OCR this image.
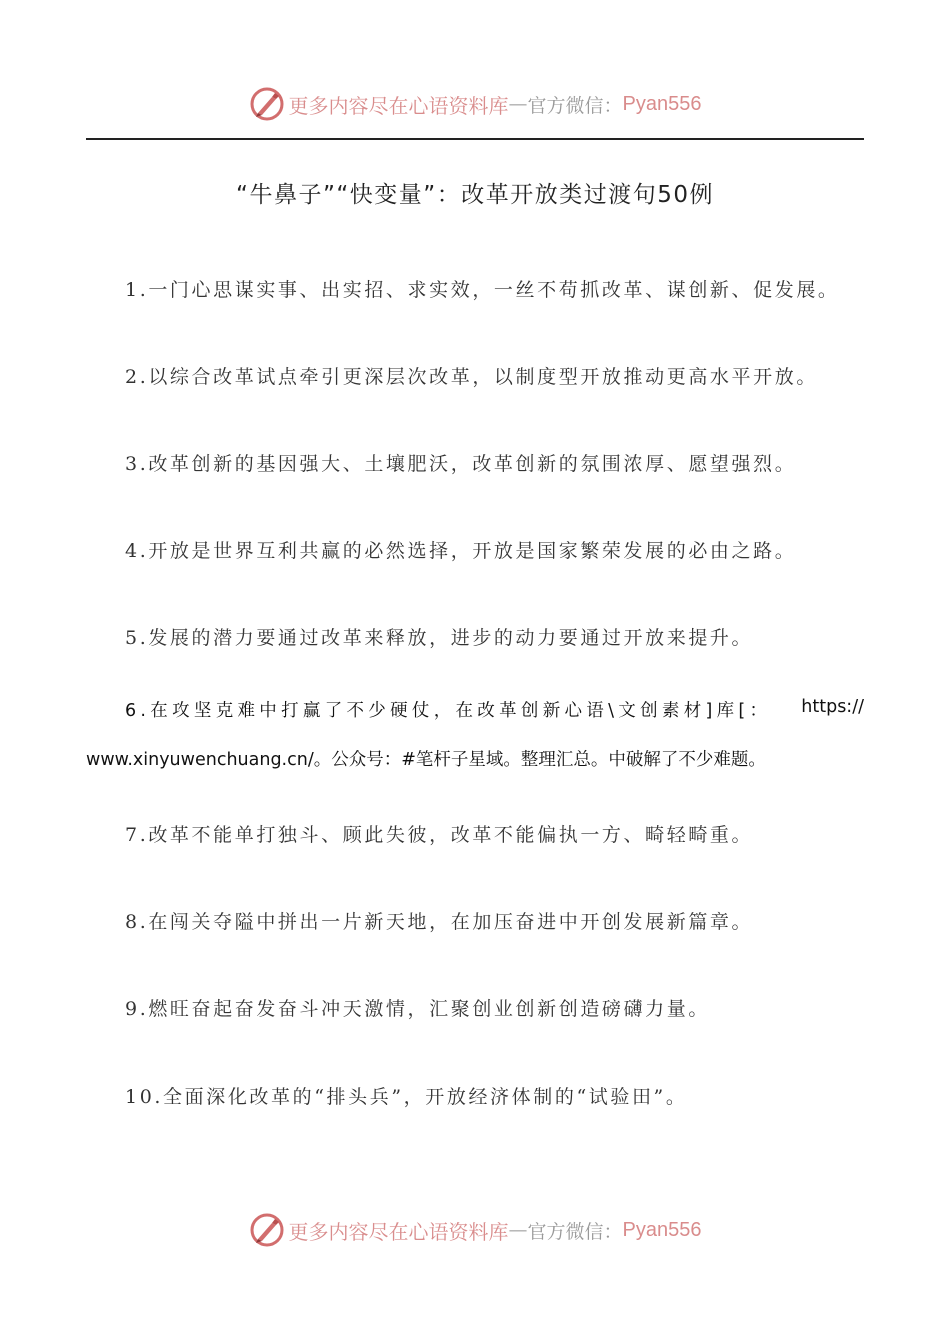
更多内容尽在心语资料库 — 官方微信： Pyan556
“牛鼻子”“快变量”：改革开放类过渡句50例
1.一门心思谋实事、出实招、求实效，一丝不苟抓改革、谋创新、促发展。
2.以综合改革试点牵引更深层次改革，以制度型开放推动更高水平开放。
3.改革创新的基因强大、土壤肥沃，改革创新的氛围浓厚、愿望强烈。
4.开放是世界互利共赢的必然选择，开放是国家繁荣发展的必由之路。
5.发展的潜力要通过改革来释放，进步的动力要通过开放来提升。
6.在攻坚克难中打赢了不少硬仗，在改革创新心语\文创素材]库[： https://
www.xinyuwenchuang.cn/。公众号：#笔杆子星域。整理汇总。中破解了不少难题。
7.改革不能单打独斗、顾此失彼，改革不能偏执一方、畸轻畸重。
8.在闯关夺隘中拼出一片新天地，在加压奋进中开创发展新篇章。
9.燃旺奋起奋发奋斗冲天激情，汇聚创业创新创造磅礴力量。
10.全面深化改革的“排头兵”，开放经济体制的“试验田”。
更多内容尽在心语资料库 — 官方微信： Pyan556
